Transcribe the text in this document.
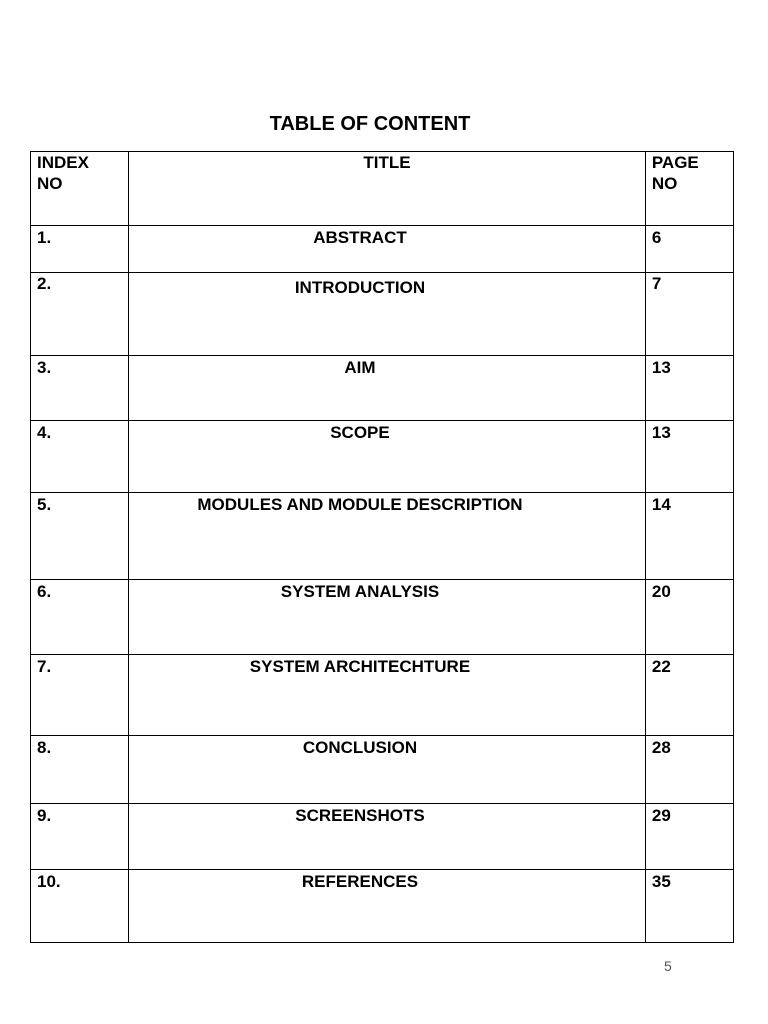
TABLE OF CONTENT
INDEX NO	TITLE	PAGE NO

1.	ABSTRACT	6
2.	INTRODUCTION	7
3.	AIM	13
4.	SCOPE	13
5.	MODULES AND MODULE DESCRIPTION	14
6.	SYSTEM ANALYSIS	20
7.	SYSTEM ARCHITECHTURE	22
8.	CONCLUSION	28
9.	SCREENSHOTS	29
10.	REFERENCES	35
5
